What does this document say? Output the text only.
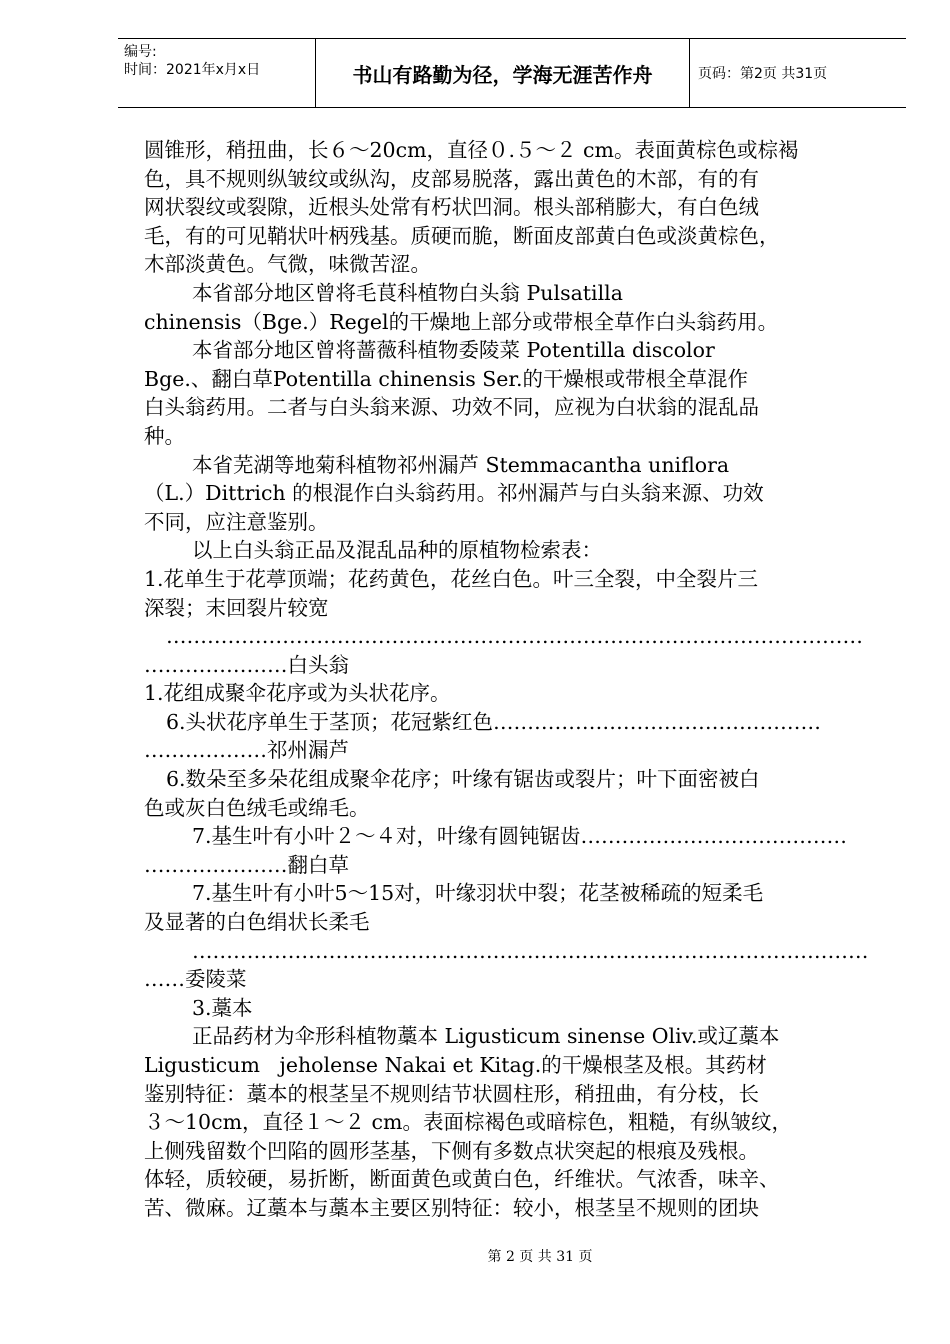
编号:
时间：2021年x月x日	书山有路勤为径，学海无涯苦作舟	页码：第2页 共31页
圆锥形，稍扭曲，长６～20cm，直径０.５～２ cm。表面黄棕色或棕褐
色，具不规则纵皱纹或纵沟，皮部易脱落，露出黄色的木部，有的有
网状裂纹或裂隙，近根头处常有朽状凹洞。根头部稍膨大，有白色绒
毛，有的可见鞘状叶柄残基。质硬而脆，断面皮部黄白色或淡黄棕色，
木部淡黄色。气微，味微苦涩。
本省部分地区曾将毛茛科植物白头翁 Pulsatilla
chinensis（Bge.）Regel的干燥地上部分或带根全草作白头翁药用。
本省部分地区曾将蔷薇科植物委陵菜 Potentilla discolor
Bge.、翻白草Potentilla chinensis Ser.的干燥根或带根全草混作
白头翁药用。二者与白头翁来源、功效不同，应视为白状翁的混乱品
种。
本省芜湖等地菊科植物祁州漏芦 Stemmacantha uniflora
（L.）Dittrich 的根混作白头翁药用。祁州漏芦与白头翁来源、功效
不同，应注意鉴别。
以上白头翁正品及混乱品种的原植物检索表：
1.花单生于花葶顶端；花药黄色，花丝白色。叶三全裂，中全裂片三
深裂；末回裂片较宽
…………………………………………………………………………………………
…………………白头翁
1.花组成聚伞花序或为头状花序。
6.头状花序单生于茎顶；花冠紫红色…………………………………………
………………祁州漏芦
6.数朵至多朵花组成聚伞花序；叶缘有锯齿或裂片；叶下面密被白
色或灰白色绒毛或绵毛。
7.基生叶有小叶２～４对，叶缘有圆钝锯齿…………………………………
…………………翻白草
7.基生叶有小叶5～15对，叶缘羽状中裂；花茎被稀疏的短柔毛
及显著的白色绢状长柔毛
………………………………………………………………………………………
……委陵菜
3.藁本
正品药材为伞形科植物藁本 Ligusticum sinense Oliv.或辽藁本
Ligusticum   jeholense Nakai et Kitag.的干燥根茎及根。其药材
鉴别特征：藁本的根茎呈不规则结节状圆柱形，稍扭曲，有分枝，长
３～10cm，直径１～２ cm。表面棕褐色或暗棕色，粗糙，有纵皱纹，
上侧残留数个凹陷的圆形茎基，下侧有多数点状突起的根痕及残根。
体轻，质较硬，易折断，断面黄色或黄白色，纤维状。气浓香，味辛、
苦、微麻。辽藁本与藁本主要区别特征：较小，根茎呈不规则的团块
第 2 页 共 31 页
